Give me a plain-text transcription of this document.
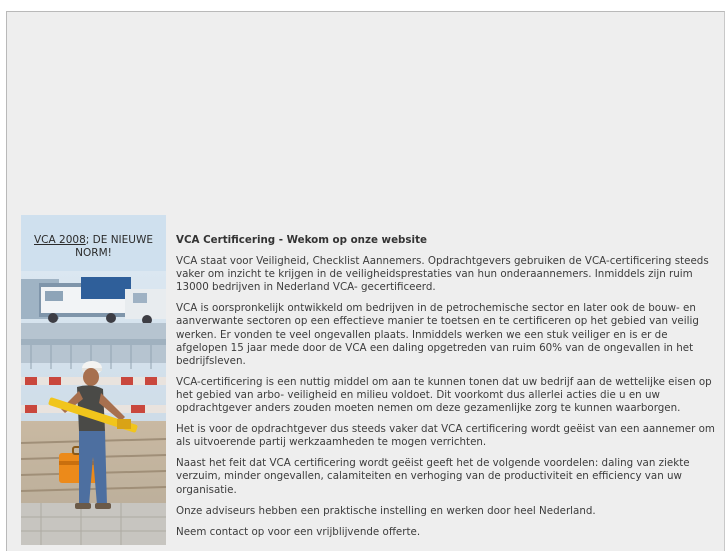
VCA 2008; DE NIEUWE NORM!
VCA Certificering - Wekom op onze website

VCA staat voor Veiligheid, Checklist Aannemers. Opdrachtgevers gebruiken de VCA-certificering steeds vaker om inzicht te krijgen in de veiligheidsprestaties van hun onderaannemers. Inmiddels zijn ruim 13000 bedrijven in Nederland VCA- gecertificeerd.

VCA is oorspronkelijk ontwikkeld om bedrijven in de petrochemische sector en later ook de bouw- en aanverwante sectoren op een effectieve manier te toetsen en te certificeren op het gebied van veilig werken. Er vonden te veel ongevallen plaats. Inmiddels werken we een stuk veiliger en is er de afgelopen 15 jaar mede door de VCA een daling opgetreden van ruim 60% van de ongevallen in het bedrijfsleven.

VCA-certificering is een nuttig middel om aan te kunnen tonen dat uw bedrijf aan de wettelijke eisen op het gebied van arbo- veiligheid en milieu voldoet. Dit voorkomt dus allerlei acties die u en uw opdrachtgever anders zouden moeten nemen om deze gezamenlijke zorg te kunnen waarborgen.

Het is voor de opdrachtgever dus steeds vaker dat VCA certificering wordt geëist van een aannemer om als uitvoerende partij werkzaamheden te mogen verrichten.

Naast het feit dat VCA certificering wordt geëist geeft het de volgende voordelen: daling van ziekte verzuim, minder ongevallen, calamiteiten en verhoging van de productiviteit en efficiency van uw organisatie.

Onze adviseurs hebben een praktische instelling en werken door heel Nederland.

Neem contact op voor een vrijblijvende offerte.
